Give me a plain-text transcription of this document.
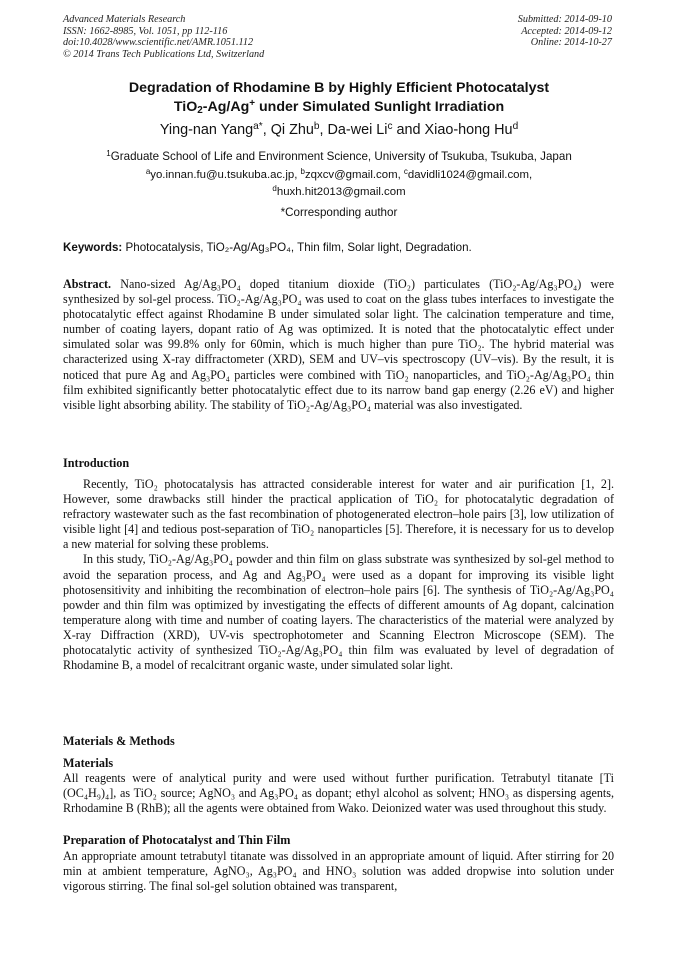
Advanced Materials Research
ISSN: 1662-8985, Vol. 1051, pp 112-116
doi:10.4028/www.scientific.net/AMR.1051.112
© 2014 Trans Tech Publications Ltd, Switzerland
Submitted: 2014-09-10
Accepted: 2014-09-12
Online: 2014-10-27
Degradation of Rhodamine B by Highly Efficient Photocatalyst
TiO$_2$-Ag/Ag+ under Simulated Sunlight Irradiation
Ying-nan Yang$^{a*}$, Qi Zhu$^b$, Da-wei Li$^c$ and Xiao-hong Hu$^d$
$^1$Graduate School of Life and Environment Science, University of Tsukuba, Tsukuba, Japan
$^a$yo.innan.fu@u.tsukuba.ac.jp, $^b$zqxcv@gmail.com, $^c$davidli1024@gmail.com,
$^d$huxh.hit2013@gmail.com
*Corresponding author
Keywords: Photocatalysis, TiO₂-Ag/Ag₃PO₄, Thin film, Solar light, Degradation.
Abstract. Nano-sized Ag/Ag₃PO₄ doped titanium dioxide (TiO₂) particulates (TiO₂-Ag/Ag₃PO₄) were synthesized by sol-gel process. TiO₂-Ag/Ag₃PO₄ was used to coat on the glass tubes interfaces to investigate the photocatalytic effect against Rhodamine B under simulated solar light. The calcination temperature and time, number of coating layers, dopant ratio of Ag was optimized. It is noted that the photocatalytic effect under simulated solar was 99.8% only for 60min, which is much higher than pure TiO₂. The hybrid material was characterized using X-ray diffractometer (XRD), SEM and UV–vis spectroscopy (UV–vis). By the result, it is noticed that pure Ag and Ag₃PO₄ particles were combined with TiO₂ nanoparticles, and TiO₂-Ag/Ag₃PO₄ thin film exhibited significantly better photocatalytic effect due to its narrow band gap energy (2.26 eV) and higher visible light absorbing ability. The stability of TiO₂-Ag/Ag₃PO₄ material was also investigated.
Introduction

Recently, TiO₂ photocatalysis has attracted considerable interest for water and air purification [1, 2]. However, some drawbacks still hinder the practical application of TiO₂ for photocatalytic degradation of refractory wastewater such as the fast recombination of photogenerated electron–hole pairs [3], low utilization of visible light [4] and tedious post-separation of TiO₂ nanoparticles [5]. Therefore, it is necessary for us to develop a new material for solving these problems.

In this study, TiO₂-Ag/Ag₃PO₄ powder and thin film on glass substrate was synthesized by sol-gel method to avoid the separation process, and Ag and Ag₃PO₄ were used as a dopant for improving its visible light photosensitivity and inhibiting the recombination of electron–hole pairs [6]. The synthesis of TiO₂-Ag/Ag₃PO₄ powder and thin film was optimized by investigating the effects of different amounts of Ag dopant, calcination temperature along with time and number of coating layers. The characteristics of the material were analyzed by X-ray Diffraction (XRD), UV-vis spectrophotometer and Scanning Electron Microscope (SEM). The photocatalytic activity of synthesized TiO₂-Ag/Ag₃PO₄ thin film was evaluated by level of degradation of Rhodamine B, a model of recalcitrant organic waste, under simulated solar light.

Materials & Methods
Materials
All reagents were of analytical purity and were used without further purification. Tetrabutyl titanate [Ti (OC₄H₉)₄], as TiO₂ source; AgNO₃ and Ag₃PO₄ as dopant; ethyl alcohol as solvent; HNO₃ as dispersing agents, Rrhodamine B (RhB); all the agents were obtained from Wako. Deionized water was used throughout this study.
Preparation of Photocatalyst and Thin Film
An appropriate amount tetrabutyl titanate was dissolved in an appropriate amount of liquid. After stirring for 20 min at ambient temperature, AgNO₃, Ag₃PO₄ and HNO₃ solution was added dropwise into solution under vigorous stirring. The final sol-gel solution obtained was transparent,
